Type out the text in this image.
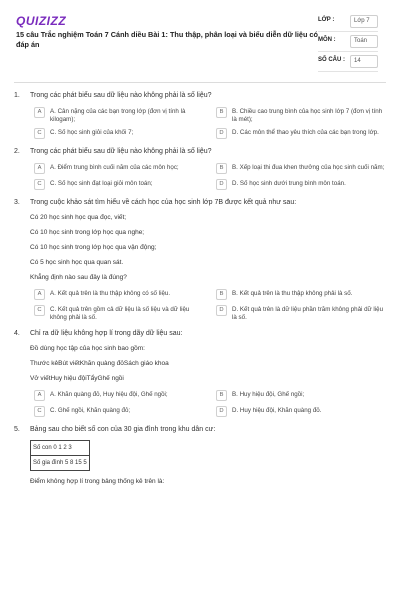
QUIZIZZ
15 câu Trắc nghiệm Toán 7 Cánh diều Bài 1: Thu thập, phân loại và biểu diễn dữ liệu có đáp án
LỚP :	Lớp 7
MÔN :	Toán
SỐ CÂU :	14
1.	Trong các phát biểu sau dữ liệu nào không phải là số liệu?
A	A. Cân nặng của các bạn trong lớp (đơn vị tính là kilogam);
B	B. Chiều cao trung bình của học sinh lớp 7 (đơn vị tính là mét);
C	C. Số học sinh giỏi của khối 7;	D	D. Các môn thể thao yêu thích của các bạn trong lớp.
2.	Trong các phát biểu sau dữ liệu nào không phải là số liệu?
A	A. Điểm trung bình cuối năm của các môn học;	B	B. Xếp loại thi đua khen thưởng của học sinh cuối năm;
C	C. Số học sinh đạt loại giỏi môn toán;	D	D. Số học sinh dưới trung bình môn toán.
3.	Trong cuộc khảo sát tìm hiểu về cách học của học sinh lớp 7B được kết quả như sau:
Có 20 học sinh học qua đọc, viết;
Có 10 học sinh trong lớp học qua nghe;
Có 10 học sinh trong lớp học qua vận động;
Có 5 học sinh học qua quan sát.
Khẳng định nào sau đây là đúng?
A	A. Kết quả trên là thu thập không có số liệu.	B	B. Kết quả trên là thu thập không phải là số.
C	C. Kết quả trên gồm cả dữ liệu là số liệu và dữ liệu không phải là số.
D	D. Kết quả trên là dữ liệu phần trăm không phải dữ liệu là số.
4.	Chỉ ra dữ liệu không hợp lí trong dãy dữ liệu sau:
Đồ dùng học tập của học sinh bao gồm:
Thước kẻBút viếtKhăn quàng đỏSách giáo khoa
Vở viếtHuy hiệu độiTẩyGhế ngồi
A	A. Khăn quàng đỏ, Huy hiệu đội, Ghế ngồi;	B	B. Huy hiệu đội, Ghế ngồi;
C	C. Ghế ngồi, Khăn quàng đỏ;	D	D. Huy hiệu đội, Khăn quàng đỏ.
5.	Bảng sau cho biết số con của 30 gia đình trong khu dân cư:
Số con 0 1 2 3
Số gia đình 5 8 15 5
Điểm không hợp lí trong bảng thống kê trên là:
